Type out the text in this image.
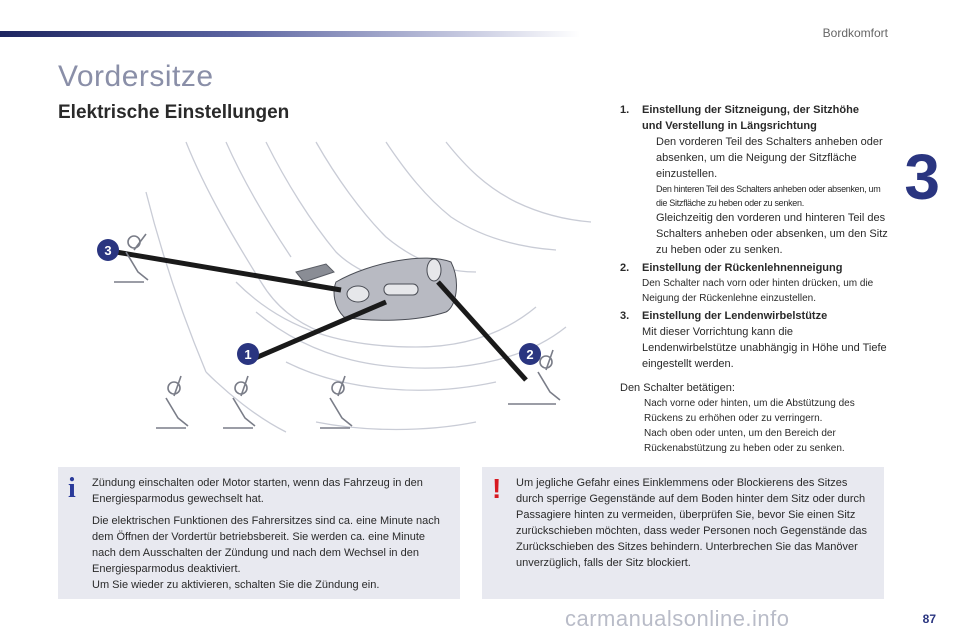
Bordkomfort
3
Vordersitze
Elektrische Einstellungen
3
1	2
1.	Einstellung der Sitzneigung, der Sitzhöhe
und Verstellung in Längsrichtung
Den vorderen Teil des Schalters anheben oder absenken, um die Neigung der Sitzfläche einzustellen.
Den hinteren Teil des Schalters anheben oder absenken, um die Sitzfläche zu heben oder zu senken.
Gleichzeitig den vorderen und hinteren Teil des Schalters anheben oder absenken, um den Sitz zu heben oder zu senken.
2.	Einstellung der Rückenlehnenneigung
Den Schalter nach vorn oder hinten drücken, um die Neigung der Rückenlehne einzustellen.
3.	Einstellung der Lendenwirbelstütze
Mit dieser Vorrichtung kann die Lendenwirbelstütze unabhängig in Höhe und Tiefe eingestellt werden.
Den Schalter betätigen:
Nach vorne oder hinten, um die Abstützung des Rückens zu erhöhen oder zu verringern.
Nach oben oder unten, um den Bereich der Rückenabstützung zu heben oder zu senken.
i Zündung einschalten oder Motor starten, wenn das Fahrzeug in den Energiesparmodus gewechselt hat.

Die elektrischen Funktionen des Fahrersitzes sind ca. eine Minute nach dem Öffnen der Vordertür betriebsbereit. Sie werden ca. eine Minute nach dem Ausschalten der Zündung und nach dem Wechsel in den Energiesparmodus deaktiviert.

Um Sie wieder zu aktivieren, schalten Sie die Zündung ein.

! Um jegliche Gefahr eines Einklemmens oder Blockierens des Sitzes durch sperrige Gegenstände auf dem Boden hinter dem Sitz oder durch Passagiere hinten zu vermeiden, überprüfen Sie, bevor Sie einen Sitz zurückschieben möchten, dass weder Personen noch Gegenstände das Zurückschieben des Sitzes behindern. Unterbrechen Sie das Manöver unverzüglich, falls der Sitz blockiert.

carmanualsonline.info	87
